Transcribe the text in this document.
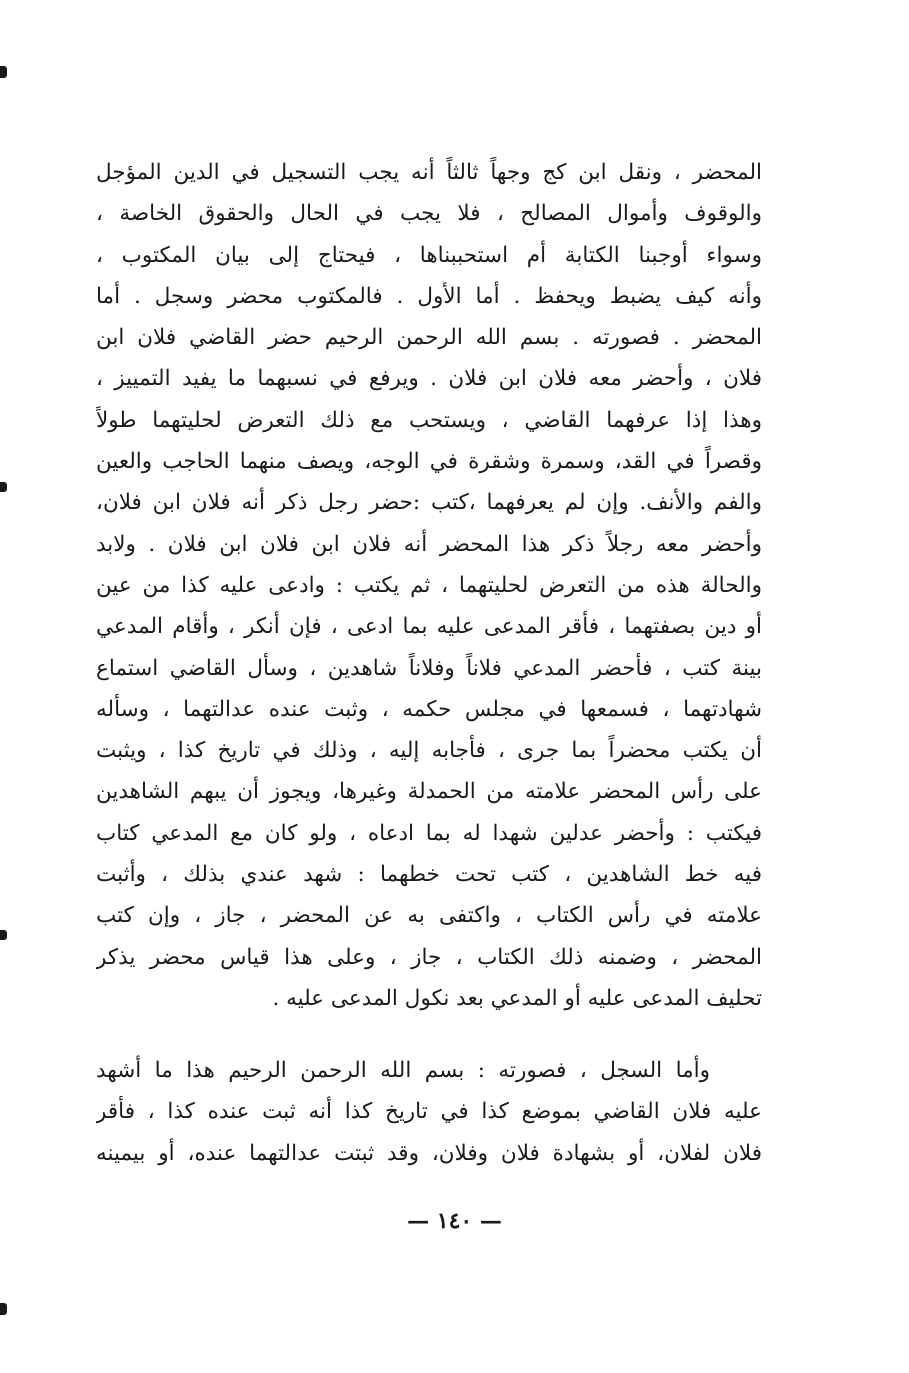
المحضر ، ونقل ابن كج وجهاً ثالثاً أنه يجب التسجيل في الدين المؤجل
والوقوف وأموال المصالح ، فلا يجب في الحال والحقوق الخاصة ،
وسواء أوجبنا الكتابة أم استحببناها ، فيحتاج إلى بيان المكتوب ،
وأنه كيف يضبط ويحفظ . أما الأول . فالمكتوب محضر وسجل . أما
المحضر . فصورته . بسم الله الرحمن الرحيم حضر القاضي فلان ابن
فلان ، وأحضر معه فلان ابن فلان . ويرفع في نسبهما ما يفيد التمييز ،
وهذا إذا عرفهما القاضي ، ويستحب مع ذلك التعرض لحليتهما طولاً
وقصراً في القد، وسمرة وشقرة في الوجه، ويصف منهما الحاجب والعين
والفم والأنف. وإن لم يعرفهما ،كتب :حضر رجل ذكر أنه فلان ابن فلان،
وأحضر معه رجلاً ذكر هذا المحضر أنه فلان ابن فلان ابن فلان . ولابد
والحالة هذه من التعرض لحليتهما ، ثم يكتب : وادعى عليه كذا من عين
أو دين بصفتهما ، فأقر المدعى عليه بما ادعى ، فإن أنكر ، وأقام المدعي
بينة كتب ، فأحضر المدعي فلاناً وفلاناً شاهدين ، وسأل القاضي استماع
شهادتهما ، فسمعها في مجلس حكمه ، وثبت عنده عدالتهما ، وسأله
أن يكتب محضراً بما جرى ، فأجابه إليه ، وذلك في تاريخ كذا ، ويثبت
على رأس المحضر علامته من الحمدلة وغيرها، ويجوز أن يبهم الشاهدين
فيكتب : وأحضر عدلين شهدا له بما ادعاه ، ولو كان مع المدعي كتاب
فيه خط الشاهدين ، كتب تحت خطهما : شهد عندي بذلك ، وأثبت
علامته في رأس الكتاب ، واكتفى به عن المحضر ، جاز ، وإن كتب
المحضر ، وضمنه ذلك الكتاب ، جاز ، وعلى هذا قياس محضر يذكر
تحليف المدعى عليه أو المدعي بعد نكول المدعى عليه .
وأما السجل ، فصورته : بسم الله الرحمن الرحيم هذا ما أشهد
عليه فلان القاضي بموضع كذا في تاريخ كذا أنه ثبت عنده كذا ، فأقر
فلان لفلان، أو بشهادة فلان وفلان، وقد ثبتت عدالتهما عنده، أو بيمينه
— ١٤٠ —
